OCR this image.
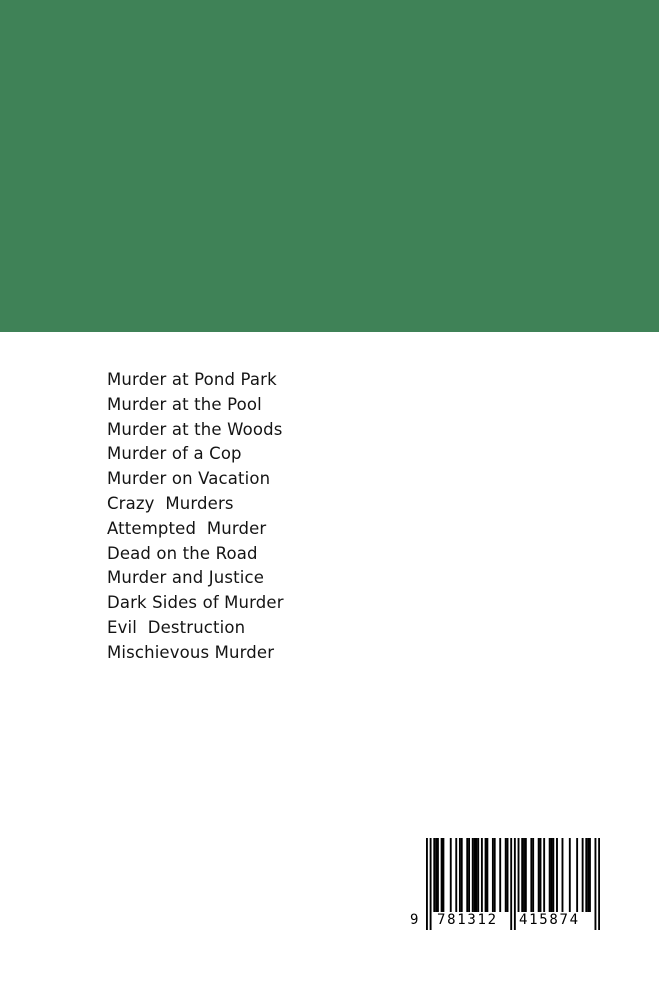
Murder at Pond Park
Murder at the Pool
Murder at the Woods
Murder of a Cop
Murder on Vacation
Crazy  Murders
Attempted  Murder
Dead on the Road
Murder and Justice
Dark Sides of Murder
Evil  Destruction
Mischievous Murder
9 781312 415874
